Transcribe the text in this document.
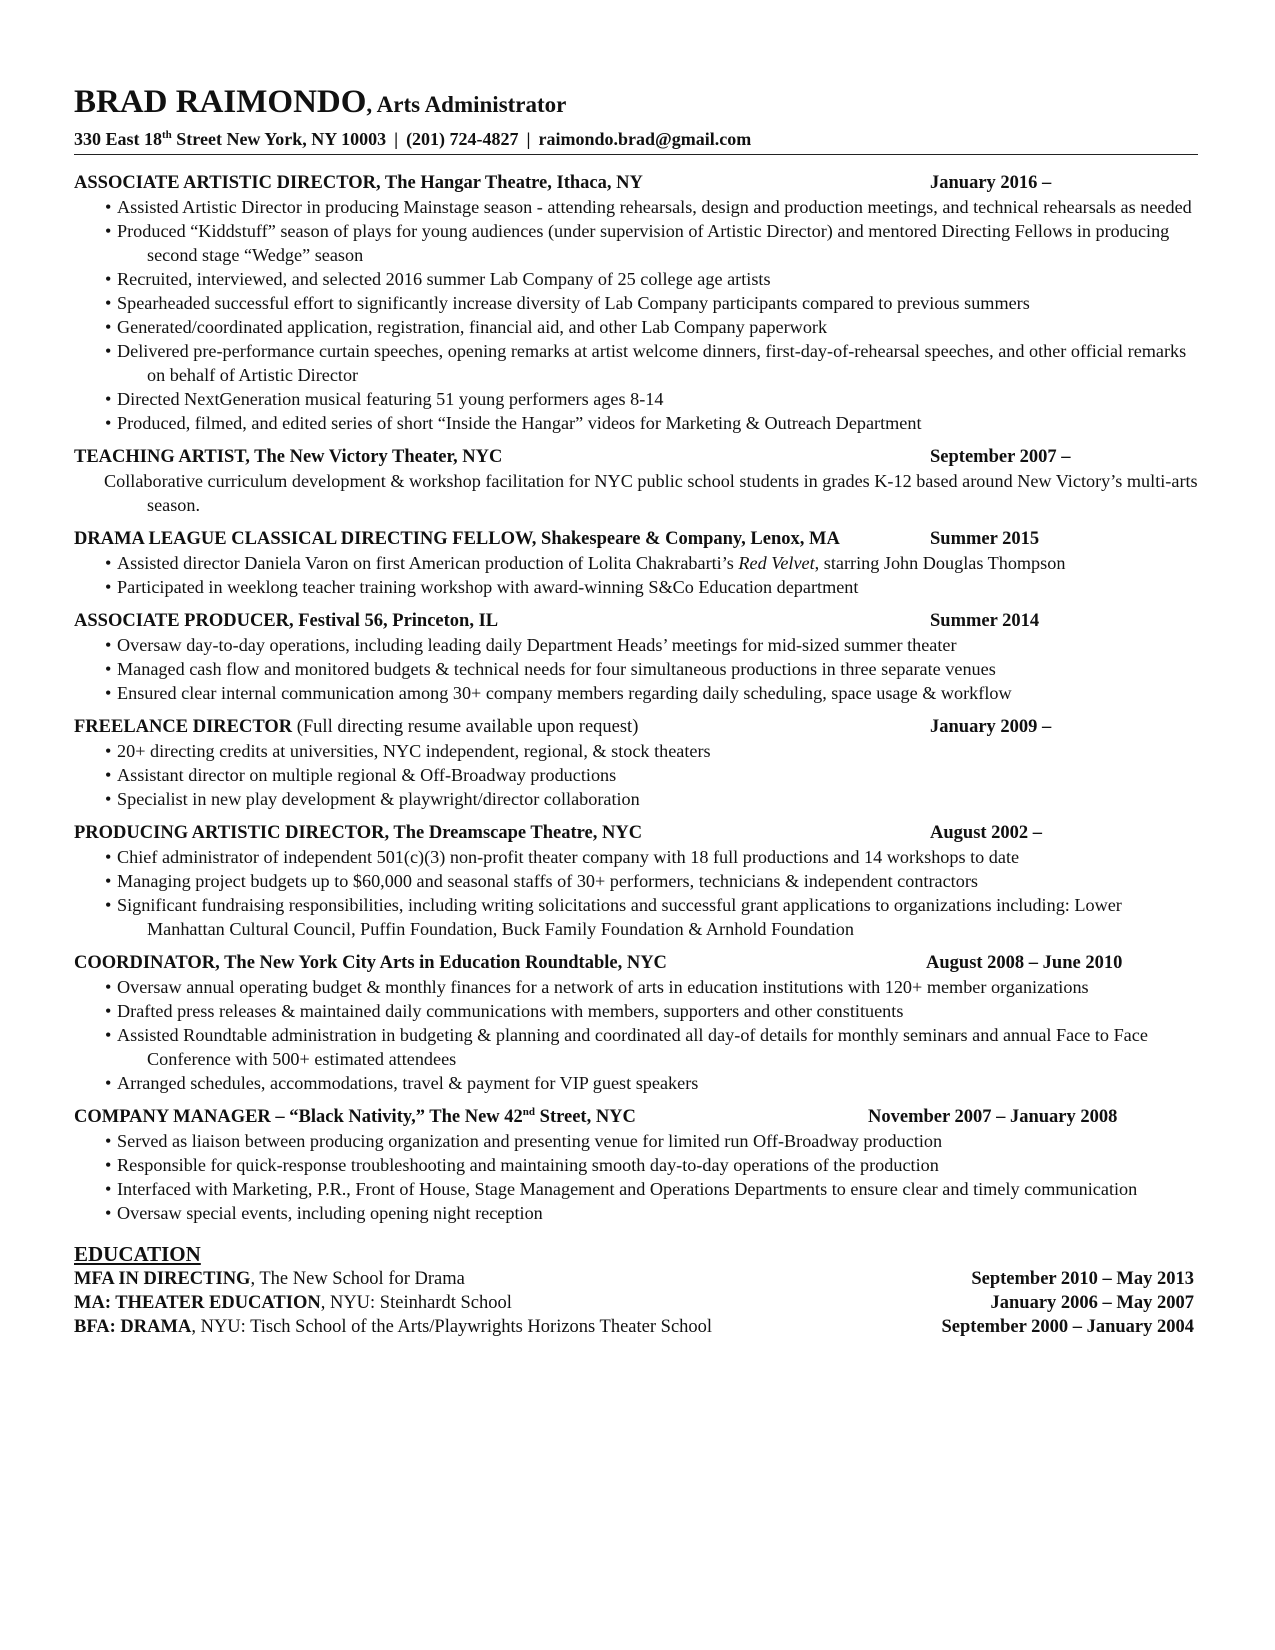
BRAD RAIMONDO, Arts Administrator
330 East 18th Street New York, NY 10003 | (201) 724-4827 | raimondo.brad@gmail.com
ASSOCIATE ARTISTIC DIRECTOR, The Hangar Theatre, Ithaca, NY	January 2016 –
• Assisted Artistic Director in producing Mainstage season - attending rehearsals, design and production meetings, and technical rehearsals as needed
• Produced “Kiddstuff” season of plays for young audiences (under supervision of Artistic Director) and mentored Directing Fellows in producing second stage “Wedge” season
• Recruited, interviewed, and selected 2016 summer Lab Company of 25 college age artists
• Spearheaded successful effort to significantly increase diversity of Lab Company participants compared to previous summers
• Generated/coordinated application, registration, financial aid, and other Lab Company paperwork
• Delivered pre-performance curtain speeches, opening remarks at artist welcome dinners, first-day-of-rehearsal speeches, and other official remarks on behalf of Artistic Director
• Directed NextGeneration musical featuring 51 young performers ages 8-14
• Produced, filmed, and edited series of short “Inside the Hangar” videos for Marketing & Outreach Department
TEACHING ARTIST, The New Victory Theater, NYC	September 2007 –
Collaborative curriculum development & workshop facilitation for NYC public school students in grades K-12 based around New Victory’s multi-arts season.
DRAMA LEAGUE CLASSICAL DIRECTING FELLOW, Shakespeare & Company, Lenox, MA	Summer 2015
• Assisted director Daniela Varon on first American production of Lolita Chakrabarti’s Red Velvet, starring John Douglas Thompson
• Participated in weeklong teacher training workshop with award-winning S&Co Education department
ASSOCIATE PRODUCER, Festival 56, Princeton, IL	Summer 2014
• Oversaw day-to-day operations, including leading daily Department Heads’ meetings for mid-sized summer theater
• Managed cash flow and monitored budgets & technical needs for four simultaneous productions in three separate venues
• Ensured clear internal communication among 30+ company members regarding daily scheduling, space usage & workflow
FREELANCE DIRECTOR (Full directing resume available upon request)	January 2009 –
• 20+ directing credits at universities, NYC independent, regional, & stock theaters
• Assistant director on multiple regional & Off-Broadway productions
• Specialist in new play development & playwright/director collaboration
PRODUCING ARTISTIC DIRECTOR, The Dreamscape Theatre, NYC	August 2002 –
• Chief administrator of independent 501(c)(3) non-profit theater company with 18 full productions and 14 workshops to date
• Managing project budgets up to $60,000 and seasonal staffs of 30+ performers, technicians & independent contractors
• Significant fundraising responsibilities, including writing solicitations and successful grant applications to organizations including: Lower Manhattan Cultural Council, Puffin Foundation, Buck Family Foundation & Arnhold Foundation
COORDINATOR, The New York City Arts in Education Roundtable, NYC	August 2008 – June 2010
• Oversaw annual operating budget & monthly finances for a network of arts in education institutions with 120+ member organizations
• Drafted press releases & maintained daily communications with members, supporters and other constituents
• Assisted Roundtable administration in budgeting & planning and coordinated all day-of details for monthly seminars and annual Face to Face Conference with 500+ estimated attendees
• Arranged schedules, accommodations, travel & payment for VIP guest speakers
COMPANY MANAGER – “Black Nativity,” The New 42nd Street, NYC	November 2007 – January 2008
• Served as liaison between producing organization and presenting venue for limited run Off-Broadway production
• Responsible for quick-response troubleshooting and maintaining smooth day-to-day operations of the production
• Interfaced with Marketing, P.R., Front of House, Stage Management and Operations Departments to ensure clear and timely communication
• Oversaw special events, including opening night reception
EDUCATION
MFA IN DIRECTING, The New School for Drama	September 2010 – May 2013
MA: THEATER EDUCATION, NYU: Steinhardt School	January 2006 – May 2007
BFA: DRAMA, NYU: Tisch School of the Arts/Playwrights Horizons Theater School	September 2000 – January 2004
